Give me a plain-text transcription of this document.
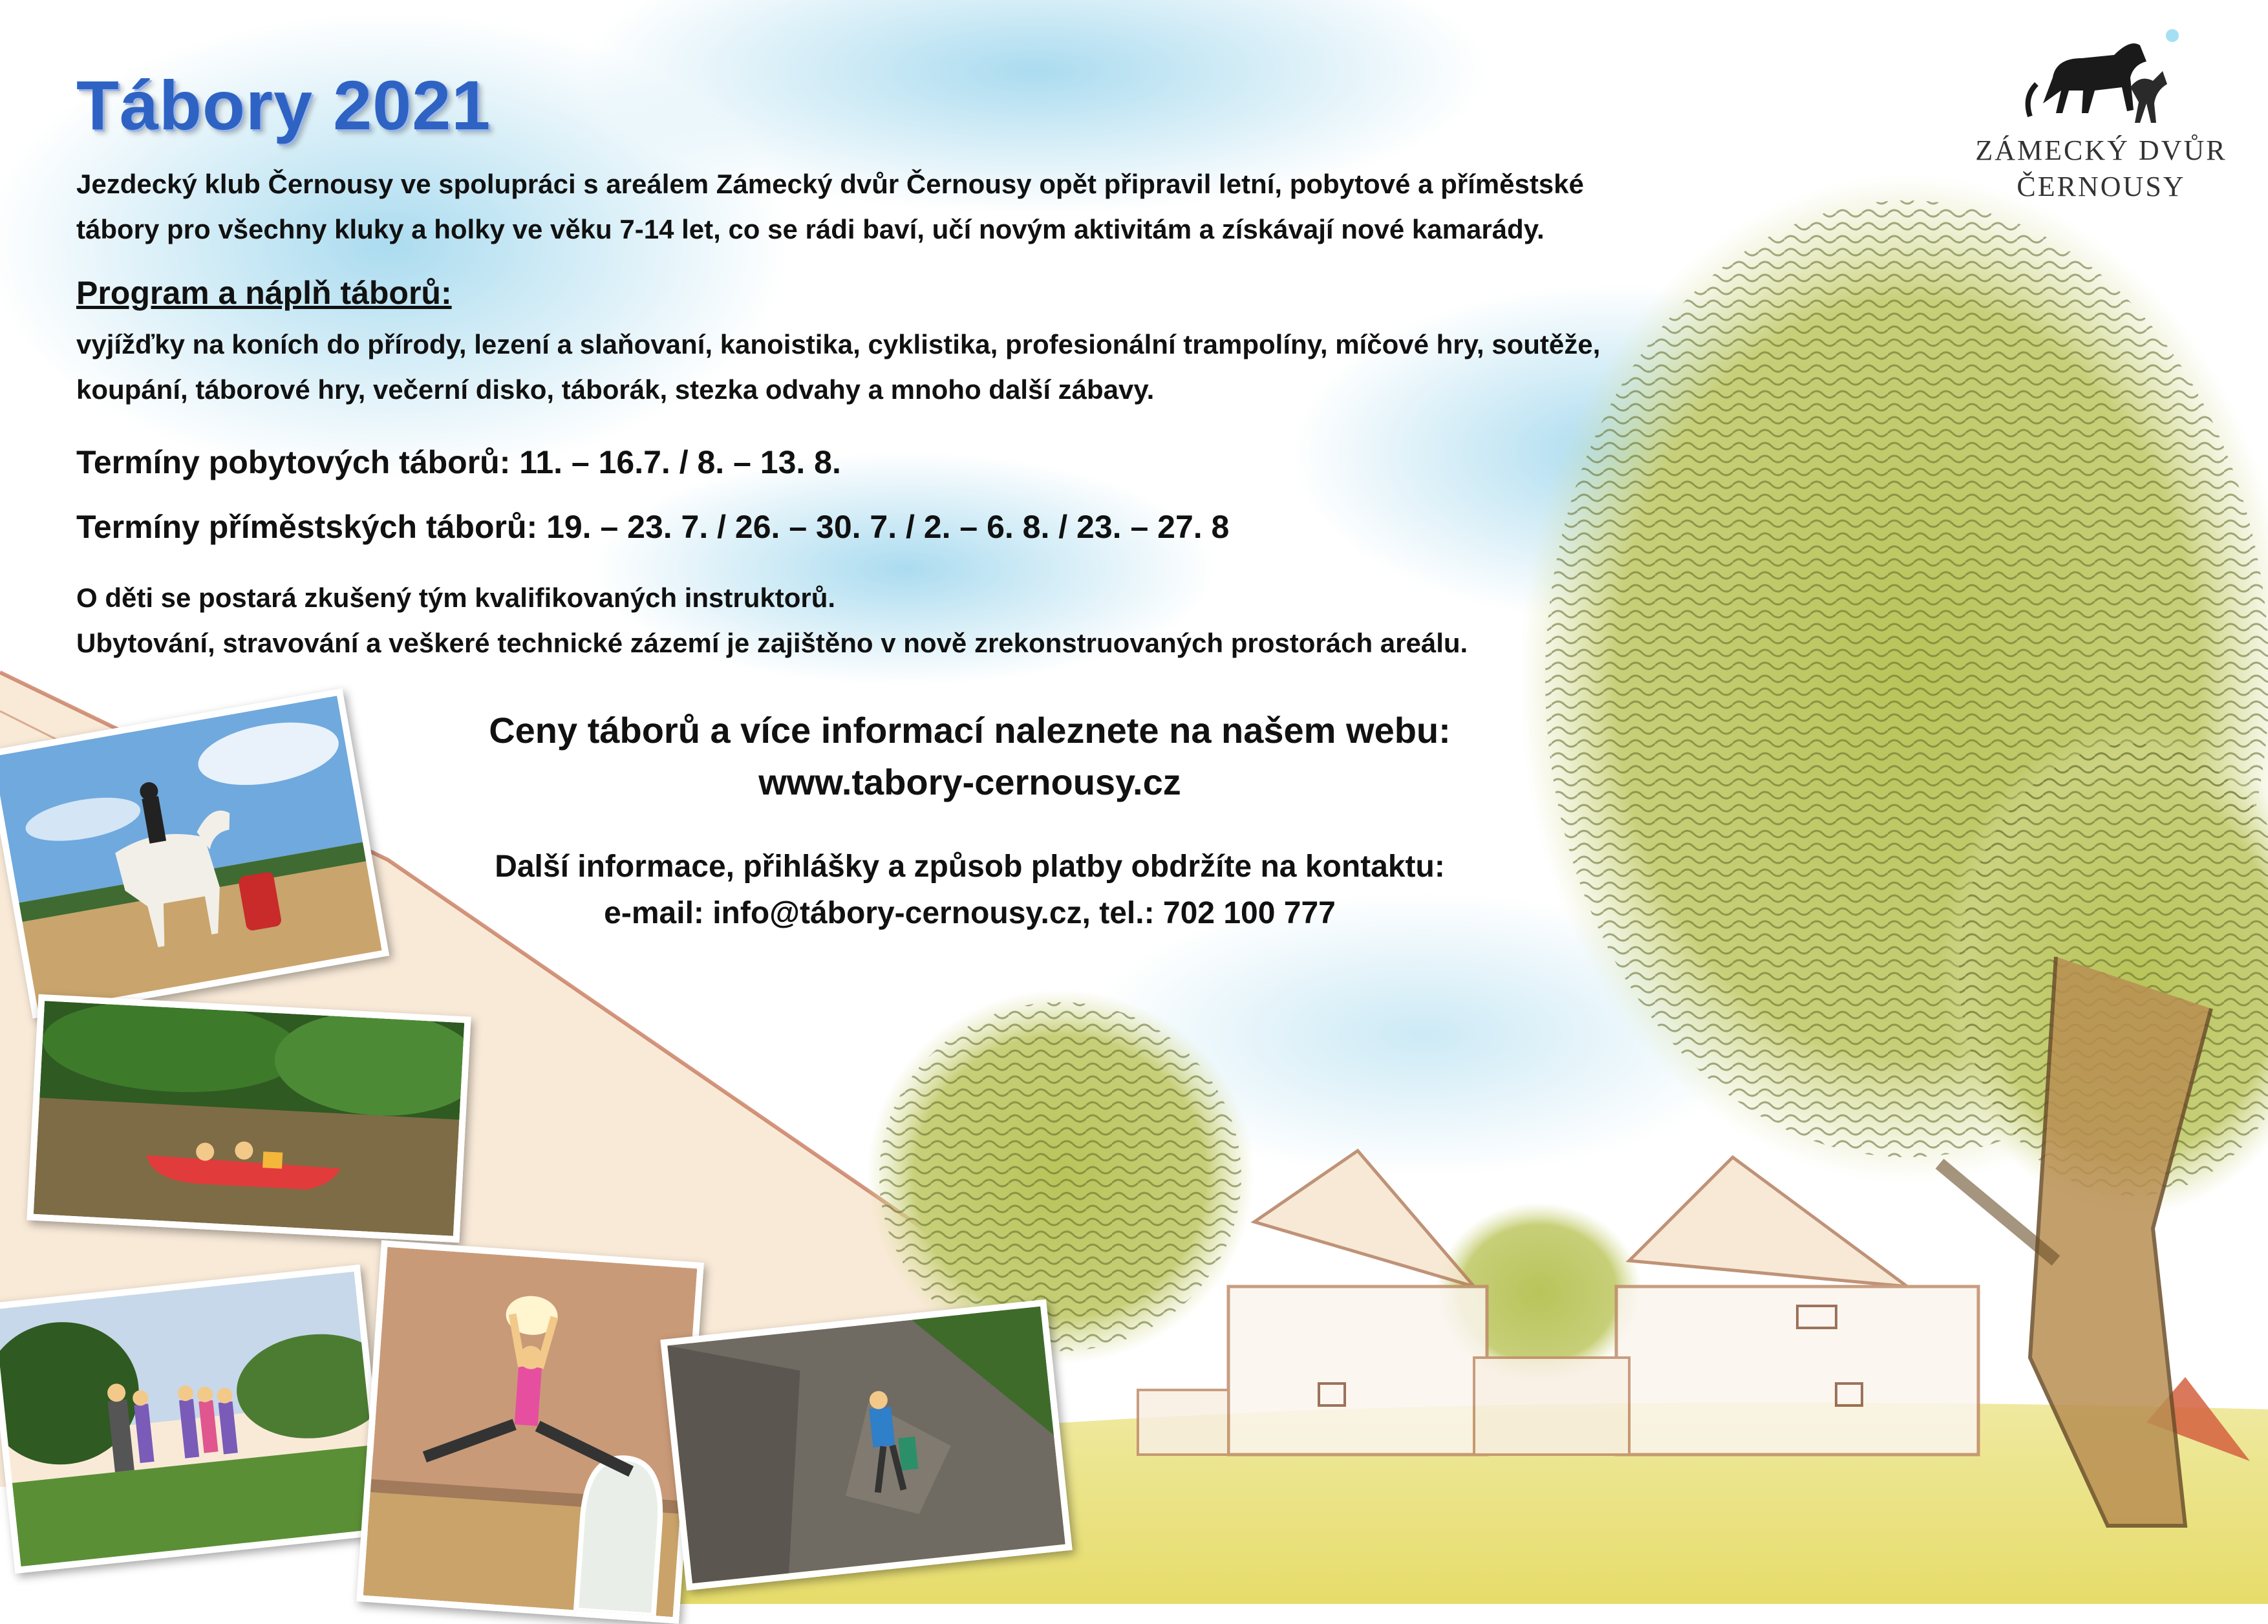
Tábory 2021
ZÁMECKÝ DVŮR
ČERNOUSY
Jezdecký klub Černousy ve spolupráci s areálem Zámecký dvůr Černousy opět připravil letní, pobytové a příměstské
tábory pro všechny kluky a holky ve věku 7-14 let, co se rádi baví, učí novým aktivitám a získávají nové kamarády.
Program a náplň táborů:
vyjížďky na koních do přírody, lezení a slaňovaní, kanoistika, cyklistika, profesionální trampolíny, míčové hry, soutěže,
koupání, táborové hry, večerní disko, táborák, stezka odvahy a mnoho další zábavy.
Termíny pobytových táborů: 11. – 16.7. / 8. – 13. 8.
Termíny příměstských táborů: 19. – 23. 7. / 26. – 30. 7. / 2. – 6. 8. / 23. – 27. 8
O děti se postará zkušený tým kvalifikovaných instruktorů.
Ubytování, stravování a veškeré technické zázemí je zajištěno v nově zrekonstruovaných prostorách areálu.
Ceny táborů a více informací naleznete na našem webu:
www.tabory-cernousy.cz
Další informace, přihlášky a způsob platby obdržíte na kontaktu:
e-mail: info@tábory-cernousy.cz, tel.: 702 100 777
